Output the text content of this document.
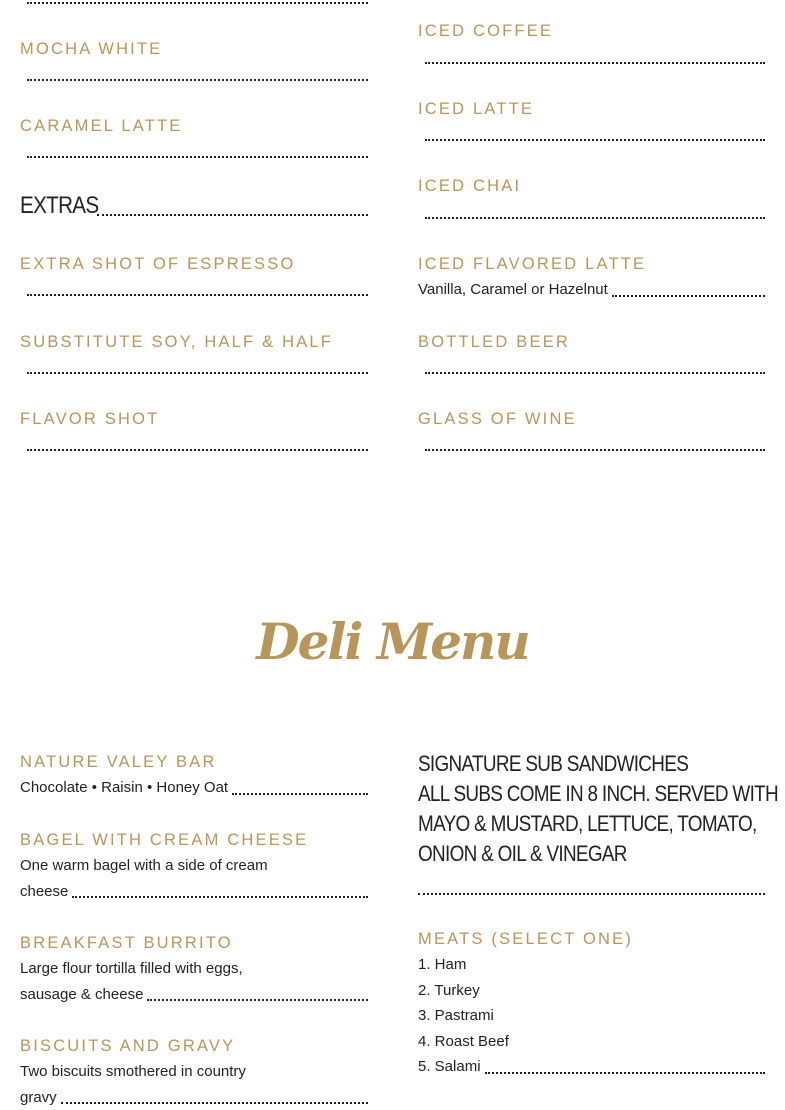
MOCHA WHITE
CARAMEL LATTE
EXTRAS
EXTRA SHOT OF ESPRESSO
SUBSTITUTE SOY, HALF & HALF
FLAVOR SHOT
ICED COFFEE
ICED LATTE
ICED CHAI
ICED FLAVORED LATTE
Vanilla, Caramel or Hazelnut
BOTTLED BEER
GLASS OF WINE
Deli Menu
NATURE VALEY BAR
Chocolate • Raisin • Honey Oat
BAGEL WITH CREAM CHEESE
One warm bagel with a side of cream
cheese
BREAKFAST BURRITO
Large flour tortilla filled with eggs,
sausage & cheese
BISCUITS AND GRAVY
Two biscuits smothered in country
gravy
SIGNATURE SUB SANDWICHES
ALL SUBS COME IN 8 INCH. SERVED WITH
MAYO & MUSTARD, LETTUCE, TOMATO,
ONION & OIL & VINEGAR
MEATS (SELECT ONE)
1. Ham
2. Turkey
3. Pastrami
4. Roast Beef
5. Salami
